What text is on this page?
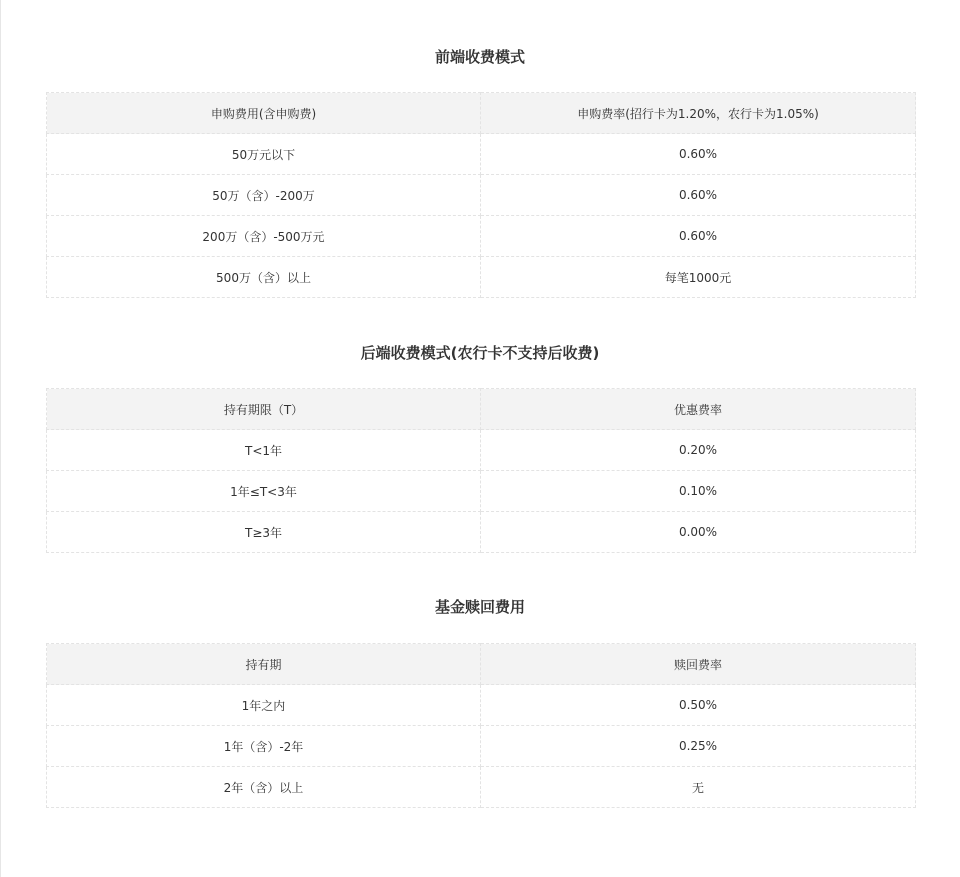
前端收费模式
申购费用(含申购费)	申购费率(招行卡为1.20%，农行卡为1.05%)
50万元以下	0.60%
50万（含）-200万	0.60%
200万（含）-500万元	0.60%
500万（含）以上	每笔1000元
后端收费模式(农行卡不支持后收费)
持有期限（T）	优惠费率
T<1年	0.20%
1年≤T<3年	0.10%
T≥3年	0.00%
基金赎回费用
持有期	赎回费率
1年之内	0.50%
1年（含）-2年	0.25%
2年（含）以上	无
